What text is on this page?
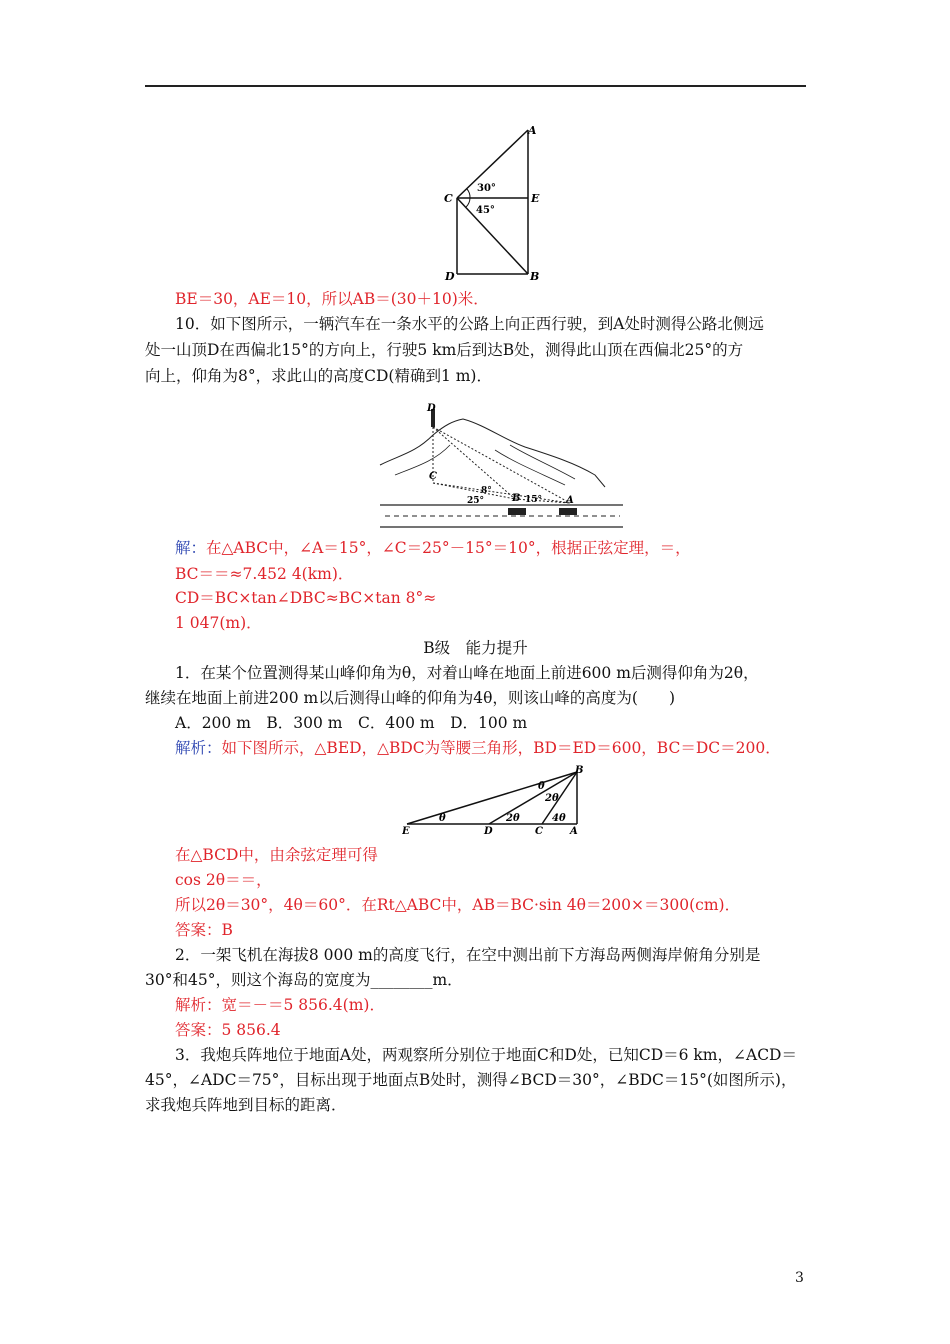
A
C	E
D	B
30°
45°
BE＝30，AE＝10，所以AB＝(30＋10)米．
10．如下图所示，一辆汽车在一条水平的公路上向正西行驶，到A处时测得公路北侧远
处一山顶D在西偏北15°的方向上，行驶5 km后到达B处，测得此山顶在西偏北25°的方
向上，仰角为8°，求此山的高度CD(精确到1 m)．
D
C
B	A
8°
25°	15°
解：在△ABC中，∠A＝15°，∠C＝25°－15°＝10°，根据正弦定理，＝，
BC＝＝≈7.452 4(km)．
CD＝BC×tan∠DBC≈BC×tan 8°≈
1 047(m)．
B级　能力提升
1．在某个位置测得某山峰仰角为θ，对着山峰在地面上前进600 m后测得仰角为2θ，
继续在地面上前进200 m以后测得山峰的仰角为4θ，则该山峰的高度为(　　)
A．200 m　B．300 m　C．400 m　D．100 m
解析：如下图所示，△BED，△BDC为等腰三角形，BD＝ED＝600，BC＝DC＝200．
B
E	D	C	A
θ
θ
2θ
2θ	4θ
在△BCD中，由余弦定理可得
cos 2θ＝＝，
所以2θ＝30°，4θ＝60°．在Rt△ABC中，AB＝BC·sin 4θ＝200×＝300(cm)．
答案：B
2．一架飞机在海拔8 000 m的高度飞行，在空中测出前下方海岛两侧海岸俯角分别是
30°和45°，则这个海岛的宽度为________m．
解析：宽＝－＝5 856.4(m)．
答案：5 856.4
3．我炮兵阵地位于地面A处，两观察所分别位于地面C和D处，已知CD＝6 km，∠ACD＝
45°，∠ADC＝75°，目标出现于地面点B处时，测得∠BCD＝30°，∠BDC＝15°(如图所示)，
求我炮兵阵地到目标的距离．
3
